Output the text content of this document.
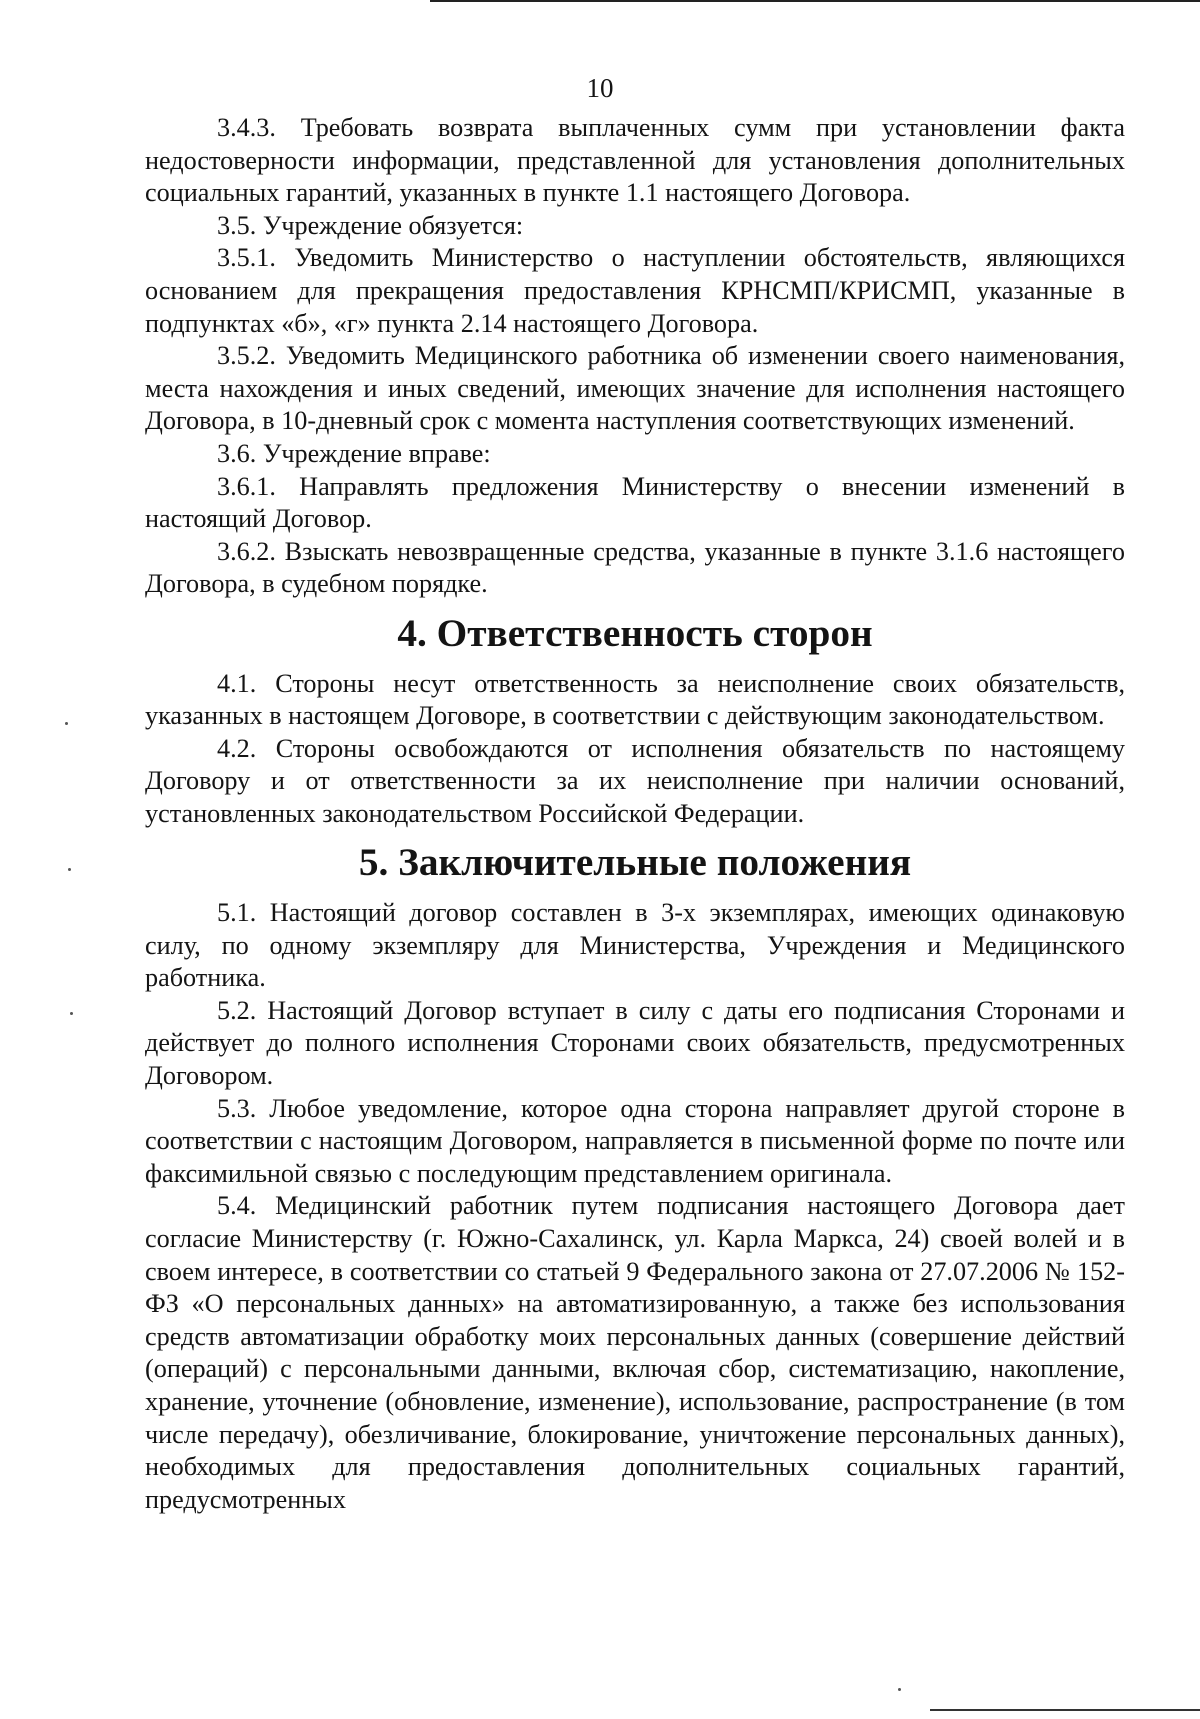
10

3.4.3. Требовать возврата выплаченных сумм при установлении факта недостоверности информации, представленной для установления дополнительных социальных гарантий, указанных в пункте 1.1 настоящего Договора.

3.5. Учреждение обязуется:

3.5.1. Уведомить Министерство о наступлении обстоятельств, являющихся основанием для прекращения предоставления КРНСМП/КРИСМП, указанные в подпунктах «б», «г» пункта 2.14 настоящего Договора.

3.5.2. Уведомить Медицинского работника об изменении своего наименования, места нахождения и иных сведений, имеющих значение для исполнения настоящего Договора, в 10-дневный срок с момента наступления соответствующих изменений.

3.6. Учреждение вправе:

3.6.1. Направлять предложения Министерству о внесении изменений в настоящий Договор.

3.6.2. Взыскать невозвращенные средства, указанные в пункте 3.1.6 настоящего Договора, в судебном порядке.

4. Ответственность сторон

4.1. Стороны несут ответственность за неисполнение своих обязательств, указанных в настоящем Договоре, в соответствии с действующим законодательством.

4.2. Стороны освобождаются от исполнения обязательств по настоящему Договору и от ответственности за их неисполнение при наличии оснований, установленных законодательством Российской Федерации.

5. Заключительные положения

5.1. Настоящий договор составлен в 3-х экземплярах, имеющих одинаковую силу, по одному экземпляру для Министерства, Учреждения и Медицинского работника.

5.2. Настоящий Договор вступает в силу с даты его подписания Сторонами и действует до полного исполнения Сторонами своих обязательств, предусмотренных Договором.

5.3. Любое уведомление, которое одна сторона направляет другой стороне в соответствии с настоящим Договором, направляется в письменной форме по почте или факсимильной связью с последующим представлением оригинала.

5.4. Медицинский работник путем подписания настоящего Договора дает согласие Министерству (г. Южно-Сахалинск, ул. Карла Маркса, 24) своей волей и в своем интересе, в соответствии со статьей 9 Федерального закона от 27.07.2006 № 152-ФЗ «О персональных данных» на автоматизированную, а также без использования средств автоматизации обработку моих персональных данных (совершение действий (операций) с персональными данными, включая сбор, систематизацию, накопление, хранение, уточнение (обновление, изменение), использование, распространение (в том числе передачу), обезличивание, блокирование, уничтожение персональных данных), необходимых для предоставления дополнительных социальных гарантий, предусмотренных
